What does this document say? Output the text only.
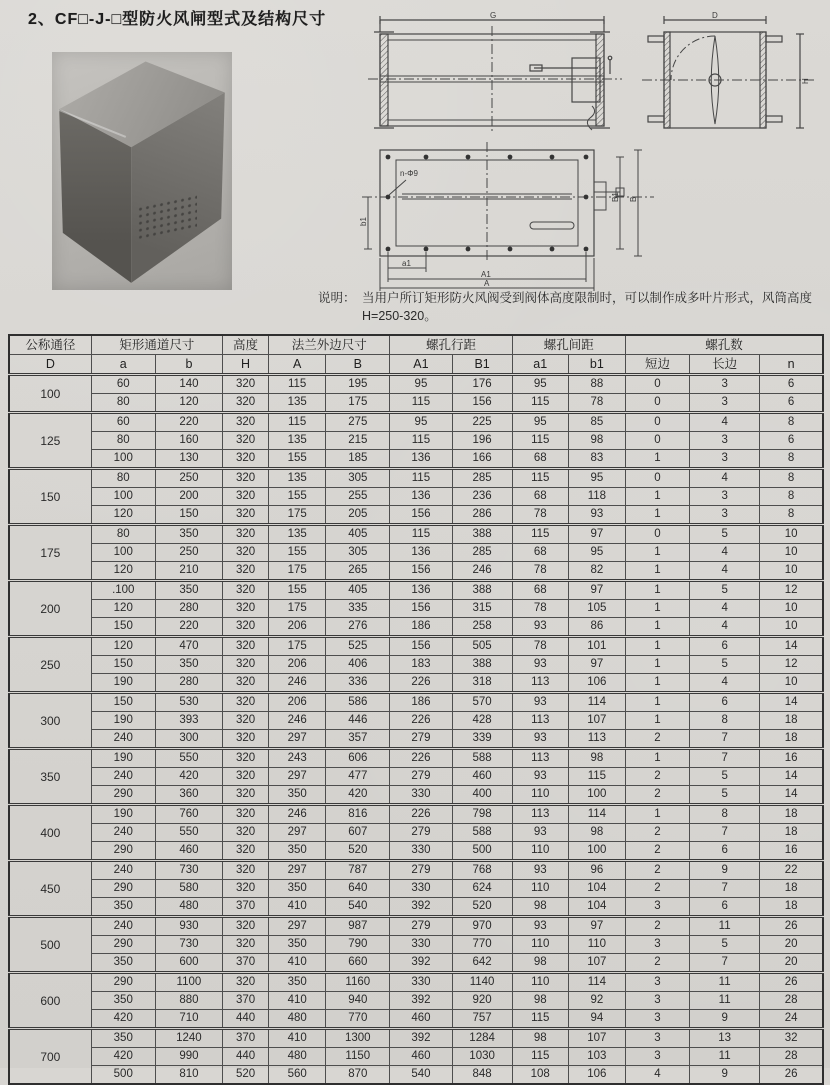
2、CF□-J-□型防火风闸型式及结构尺寸	G	D
H
n-Φ9
b1
a1
A1
A
B1 B
说明： 当用户所订矩形防火风阀受到阀体高度限制时，可以制作成多叶片形式，风筒高度H=250-320。
公称通径	矩形通道尺寸		高度	法兰外边尺寸		螺孔行距		螺孔间距		螺孔数		
D	a	b	H	A	B	A1	B1	a1	b1	短边	长边	n
100	60	140	320	115	195	95	176	95	88	0	3	6
	80	120	320	135	175	115	156	115	78	0	3	6
125	60	220	320	115	275	95	225	95	85	0	4	8
	80	160	320	135	215	115	196	115	98	0	3	6
	100	130	320	155	185	136	166	68	83	1	3	8
150	80	250	320	135	305	115	285	115	95	0	4	8
	100	200	320	155	255	136	236	68	118	1	3	8
	120	150	320	175	205	156	286	78	93	1	3	8
175	80	350	320	135	405	115	388	115	97	0	5	10
	100	250	320	155	305	136	285	68	95	1	4	10
	120	210	320	175	265	156	246	78	82	1	4	10
200	.100	350	320	155	405	136	388	68	97	1	5	12
	120	280	320	175	335	156	315	78	105	1	4	10
	150	220	320	206	276	186	258	93	86	1	4	10
250	120	470	320	175	525	156	505	78	101	1	6	14
	150	350	320	206	406	183	388	93	97	1	5	12
	190	280	320	246	336	226	318	113	106	1	4	10
300	150	530	320	206	586	186	570	93	114	1	6	14
	190	393	320	246	446	226	428	113	107	1	8	18
	240	300	320	297	357	279	339	93	113	2	7	18
350	190	550	320	243	606	226	588	113	98	1	7	16
	240	420	320	297	477	279	460	93	115	2	5	14
	290	360	320	350	420	330	400	110	100	2	5	14
400	190	760	320	246	816	226	798	113	114	1	8	18
	240	550	320	297	607	279	588	93	98	2	7	18
	290	460	320	350	520	330	500	110	100	2	6	16
450	240	730	320	297	787	279	768	93	96	2	9	22
	290	580	320	350	640	330	624	110	104	2	7	18
	350	480	370	410	540	392	520	98	104	3	6	18
500	240	930	320	297	987	279	970	93	97	2	11	26
	290	730	320	350	790	330	770	110	110	3	5	20
	350	600	370	410	660	392	642	98	107	2	7	20
600	290	1100	320	350	1160	330	1140	110	114	3	11	26
	350	880	370	410	940	392	920	98	92	3	11	28
	420	710	440	480	770	460	757	115	94	3	9	24
700	350	1240	370	410	1300	392	1284	98	107	3	13	32
	420	990	440	480	1150	460	1030	115	103	3	11	28
	500	810	520	560	870	540	848	108	106	4	9	26
